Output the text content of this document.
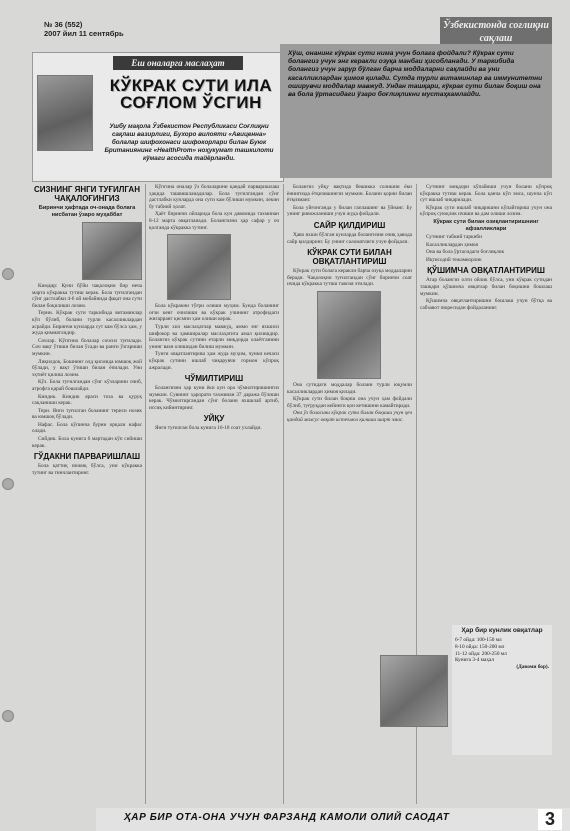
№ 36 (552)
2007 йил 11 сентябрь
Ўзбекистонда соғлиқни сақлаш
Еш оналарга маслаҳат
КЎКРАК СУТИ ИЛА СОҒЛОМ ЎСГИН
Ушбу мақола Ўзбекистон Республикаси Соғлиқни сақлаш вазирлиги, Бухоро вилояти «Авиценна» болалар шифохонаси шифокорлари билан Буюк Британиянинг «HealthProm» ноҳукумат ташкилоти кўмаги асосида тайёрланди.
Хўш, онанинг кўкрак сути нима учун болага фойдали? Кўкрак сути болангиз учун энг керакли озуқа манбаи ҳисобланади. У таркибида болангиз учун зарур бўлган барча моддаларни сақлайди ва уни касалликлардан ҳимоя қилади. Сутда турли витаминлар ва иммунитетни оширувчи моддалар мавжуд. Ундан ташқари, кўкрак сути билан боқиш она ва бола ўртасидаги ўзаро боғлиқликни мустаҳкамлайди.
СИЗНИНГ ЯНГИ ТУҒИЛГАН ЧАҚАЛОҒИНГИЗ
Биринчи ҳафтада оч-онада болага нисбатан ўзаро муҳаббат

Кимдир: Куни бўйи чақалоқни бир неча марта кўкракка тутиш керак. Бола туғилгандан сўнг дастлабки 4-6 ой мобайнида фақат она сути билан боқилиши лозим.

Терни. Кўкрак сути таркибида витаминлар кўп бўлиб, болани турли касалликлардан асрайди. Биринчи кунларда сут кам бўлса ҳам, у жуда қимматлидир.

Сочлар. Кўпгина болалар сочсиз туғилади. Соч вақт ўтиши билан ўсади ва ранги ўзгариши мумкин.

Лиқилдоқ. Бошнинг олд қисмида юмшоқ жой бўлади, у вақт ўтиши билан ёпилади. Уни эҳтиёт қилиш лозим.

Кўз. Бола туғилгандан сўнг кўзларини очиб, атрофга қарай бошлайди.

Киндик. Киндик яраси тоза ва қуруқ сақланиши керак.

Тери. Янги туғилган боланинг териси нозик ва юмшоқ бўлади.

Нафас. Бола кўпинча бурни орқали нафас олади.

Сийдик. Бола кунига 6 мартадан кўп сийиши керак.

ГЎДАКНИ ПАРВАРИШЛАШ

Бола қаттиқ инжиқ бўлса, уни кўкракка тутинг ва тинчлантиринг.

Кўпгина оналар ўз болаларини қандай парваришлаш ҳақида ташвишланадилар. Бола туғилгандан сўнг дастлабки кунларда она сути кам бўлиши мумкин, лекин бу табиий ҳолат.

Ҳаёт биринчи ойларида бола кун давомида тахминан 8-12 марта овқатланади. Болангизни ҳар сафар у оч қолганда кўкракка тутинг.

Бола кўкракни тўғри олиши муҳим. Бунда боланинг оғзи кенг очилиши ва кўкрак учининг атрофидаги жигарранг қисмни ҳам олиши керак.

Турли хил маслаҳатлар мавжуд, аммо энг яхшиси шифокор ва ҳамширалар маслаҳатига амал қилишдир. Болангиз кўкрак сутини етарли миқдорда олаётганини унинг вазн олишидан билиш мумкин.

Тунги овқатлантириш ҳам жуда муҳим, чунки кечаси кўкрак сутини ишлаб чиқарувчи гормон кўпроқ ажралади.

ЧЎМИЛТИРИШ

Болангизни ҳар куни ёки кун ора чўмилтиришингиз мумкин. Сувнинг ҳарорати тахминан 37 даража бўлиши керак. Чўмилтиргандан сўнг болани яхшилаб артиб, иссиқ кийинтиринг.

УЙҚУ

Янги туғилган бола кунига 16-18 соат ухлайди.

Болангиз уйқу вақтида бешикка солишни ёки ёнингизда ётқизишингиз мумкин. Болани қорни билан ётқизманг.

Бола уйғонганда у билан гаплашинг ва ўйнанг. Бу унинг ривожланиши учун жуда фойдали.

САЙР ҚИЛДИРИШ

Ҳаво яхши бўлган кунларда болангизни очиқ ҳавода сайр қилдиринг. Бу унинг саломатлиги учун фойдали.

КЎКРАК СУТИ БИЛАН ОВҚАТЛАНТИРИШ

Кўкрак сути болага керакли барча озуқа моддаларни беради. Чақалоқни туғилгандан сўнг биринчи соат ичида кўкракка тутиш тавсия этилади.

Она сутидаги моддалар болани турли юқумли касалликлардан ҳимоя қилади.

Кўкрак сути билан боқиш она учун ҳам фойдали бўлиб, туғруқдан кейинги қон кетишини камайтиради.

Она ўз боласини кўкрак сути билан боқиши учун ҳеч қандай махсус овқат истеъмол қилиши шарт эмас.

Сутнинг миқдори кўпайиши учун болани кўпроқ кўкракка тутиш керак. Бола қанча кўп эмса, шунча кўп сут ишлаб чиқарилади.

Кўкрак сути ишлаб чиқаришни кўпайтириш учун она кўпроқ суюқлик ичиши ва дам олиши лозим.

Кўкрак сути билан озиқлантиришнинг афзалликлари

Сутнинг табиий таркиби

Касалликлардан ҳимоя

Она ва бола ўртасидаги боғлиқлик

Иқтисодий тежамкорлик

ҚЎШИМЧА ОВҚАТЛАНТИРИШ

Агар болангиз олти ойлик бўлса, уни кўкрак сутидан ташқари қўшимча овқатлар билан боқишни бошлаш мумкин.

Қўшимча овқатлантиришни бошлаш учун бўтқа ва сабзавот пюресидан фойдаланинг.

Ҳар бир кунлик овқатлар
6-7 ойда: 100-150 мл
8-10 ойда: 150-200 мл
11-12 ойда: 200-250 мл
Кунига 3-4 маҳал
(Давоми бор).
ҲАР БИР ОТА-ОНА УЧУН ФАРЗАНД КАМОЛИ ОЛИЙ САОДАТ	3
